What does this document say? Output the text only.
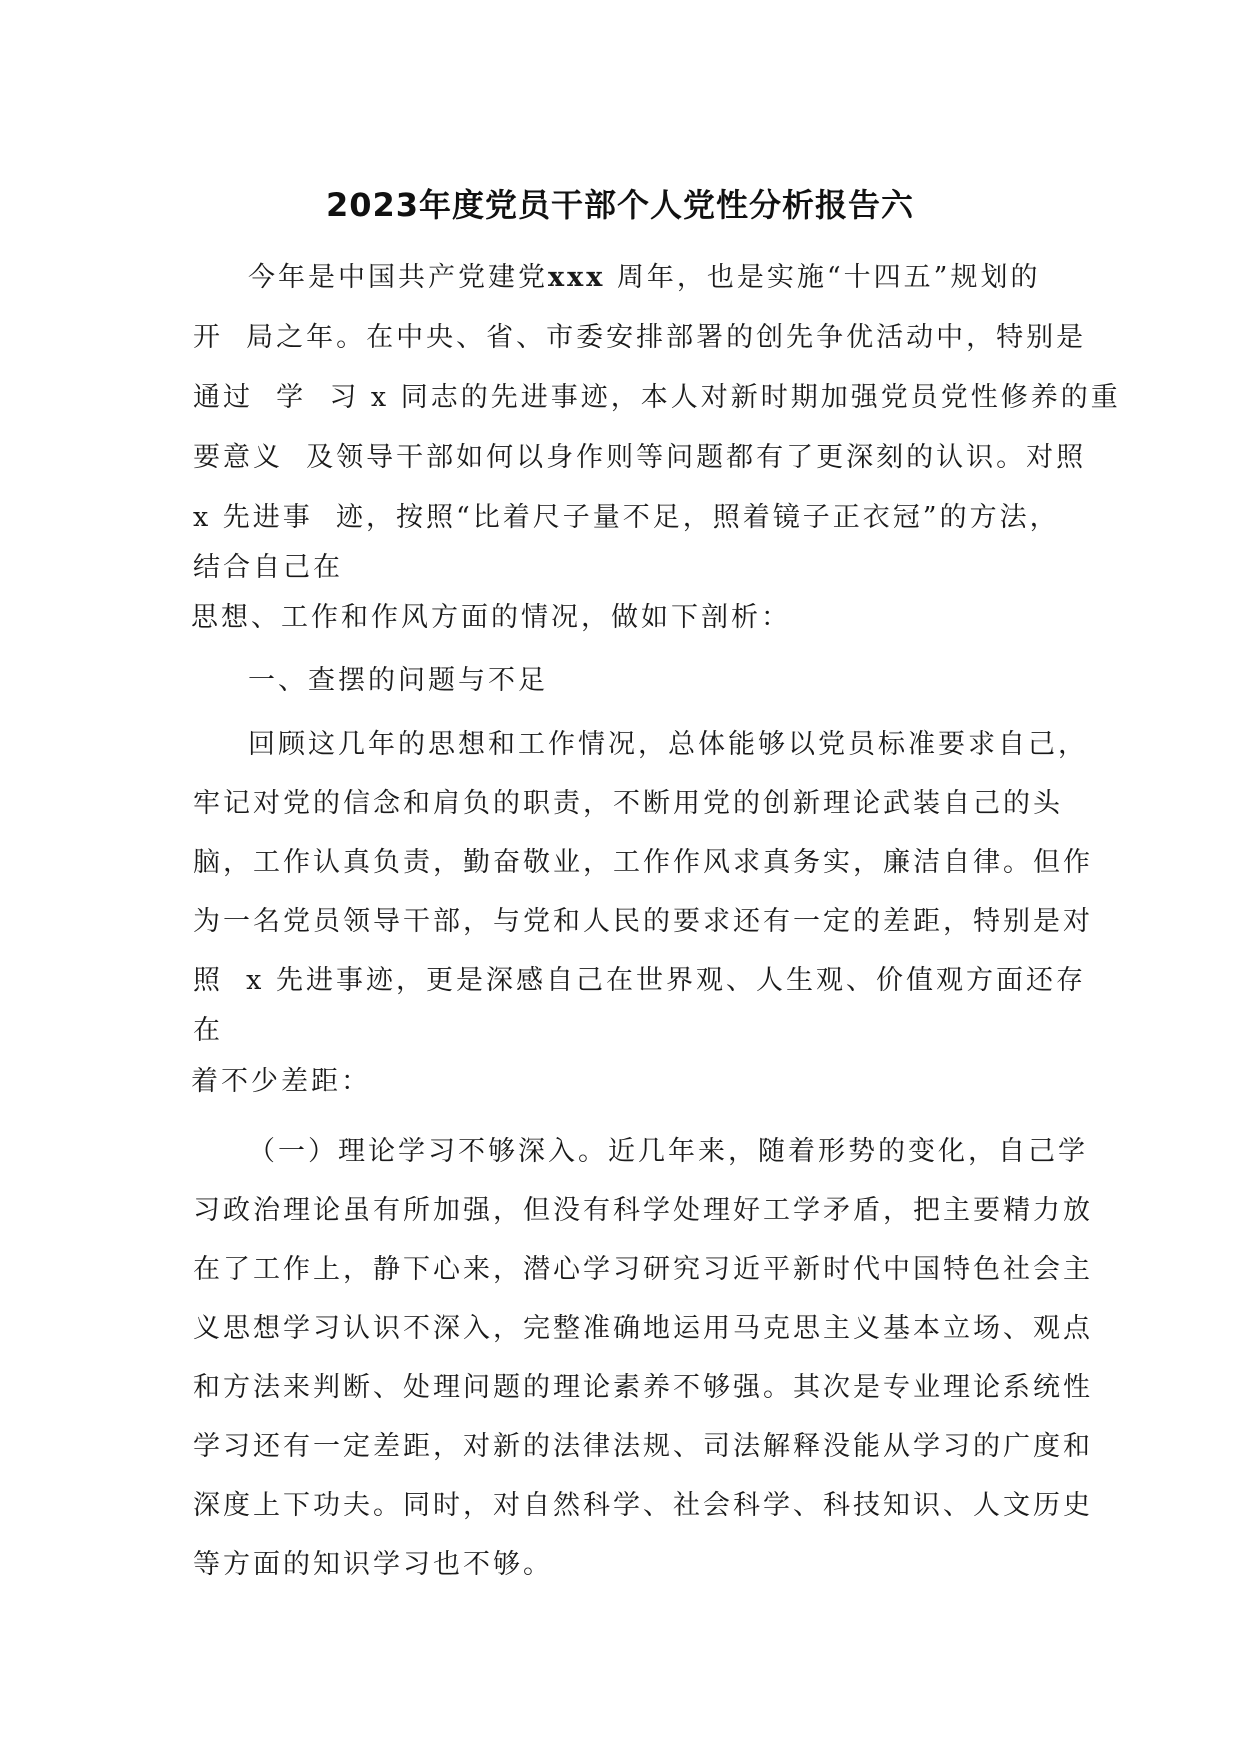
2023年度党员干部个人党性分析报告六
今年是中国共产党建党xxx 周年，也是实施“十四五”规划的
开  局之年。在中央、省、市委安排部署的创先争优活动中，特别是
通过  学  习 x 同志的先进事迹，本人对新时期加强党员党性修养的重
要意义  及领导干部如何以身作则等问题都有了更深刻的认识。对照
x 先进事  迹，按照“比着尺子量不足，照着镜子正衣冠”的方法，
结合自己在
思想、工作和作风方面的情况，做如下剖析：
一、查摆的问题与不足
回顾这几年的思想和工作情况，总体能够以党员标准要求自己，
牢记对党的信念和肩负的职责，不断用党的创新理论武装自己的头
脑，工作认真负责，勤奋敬业，工作作风求真务实，廉洁自律。但作
为一名党员领导干部，与党和人民的要求还有一定的差距，特别是对
照  x 先进事迹，更是深感自己在世界观、人生观、价值观方面还存
在
着不少差距：
（一）理论学习不够深入。近几年来，随着形势的变化，自己学
习政治理论虽有所加强，但没有科学处理好工学矛盾，把主要精力放
在了工作上，静下心来，潜心学习研究习近平新时代中国特色社会主
义思想学习认识不深入，完整准确地运用马克思主义基本立场、观点
和方法来判断、处理问题的理论素养不够强。其次是专业理论系统性
学习还有一定差距，对新的法律法规、司法解释没能从学习的广度和
深度上下功夫。同时，对自然科学、社会科学、科技知识、人文历史
等方面的知识学习也不够。
